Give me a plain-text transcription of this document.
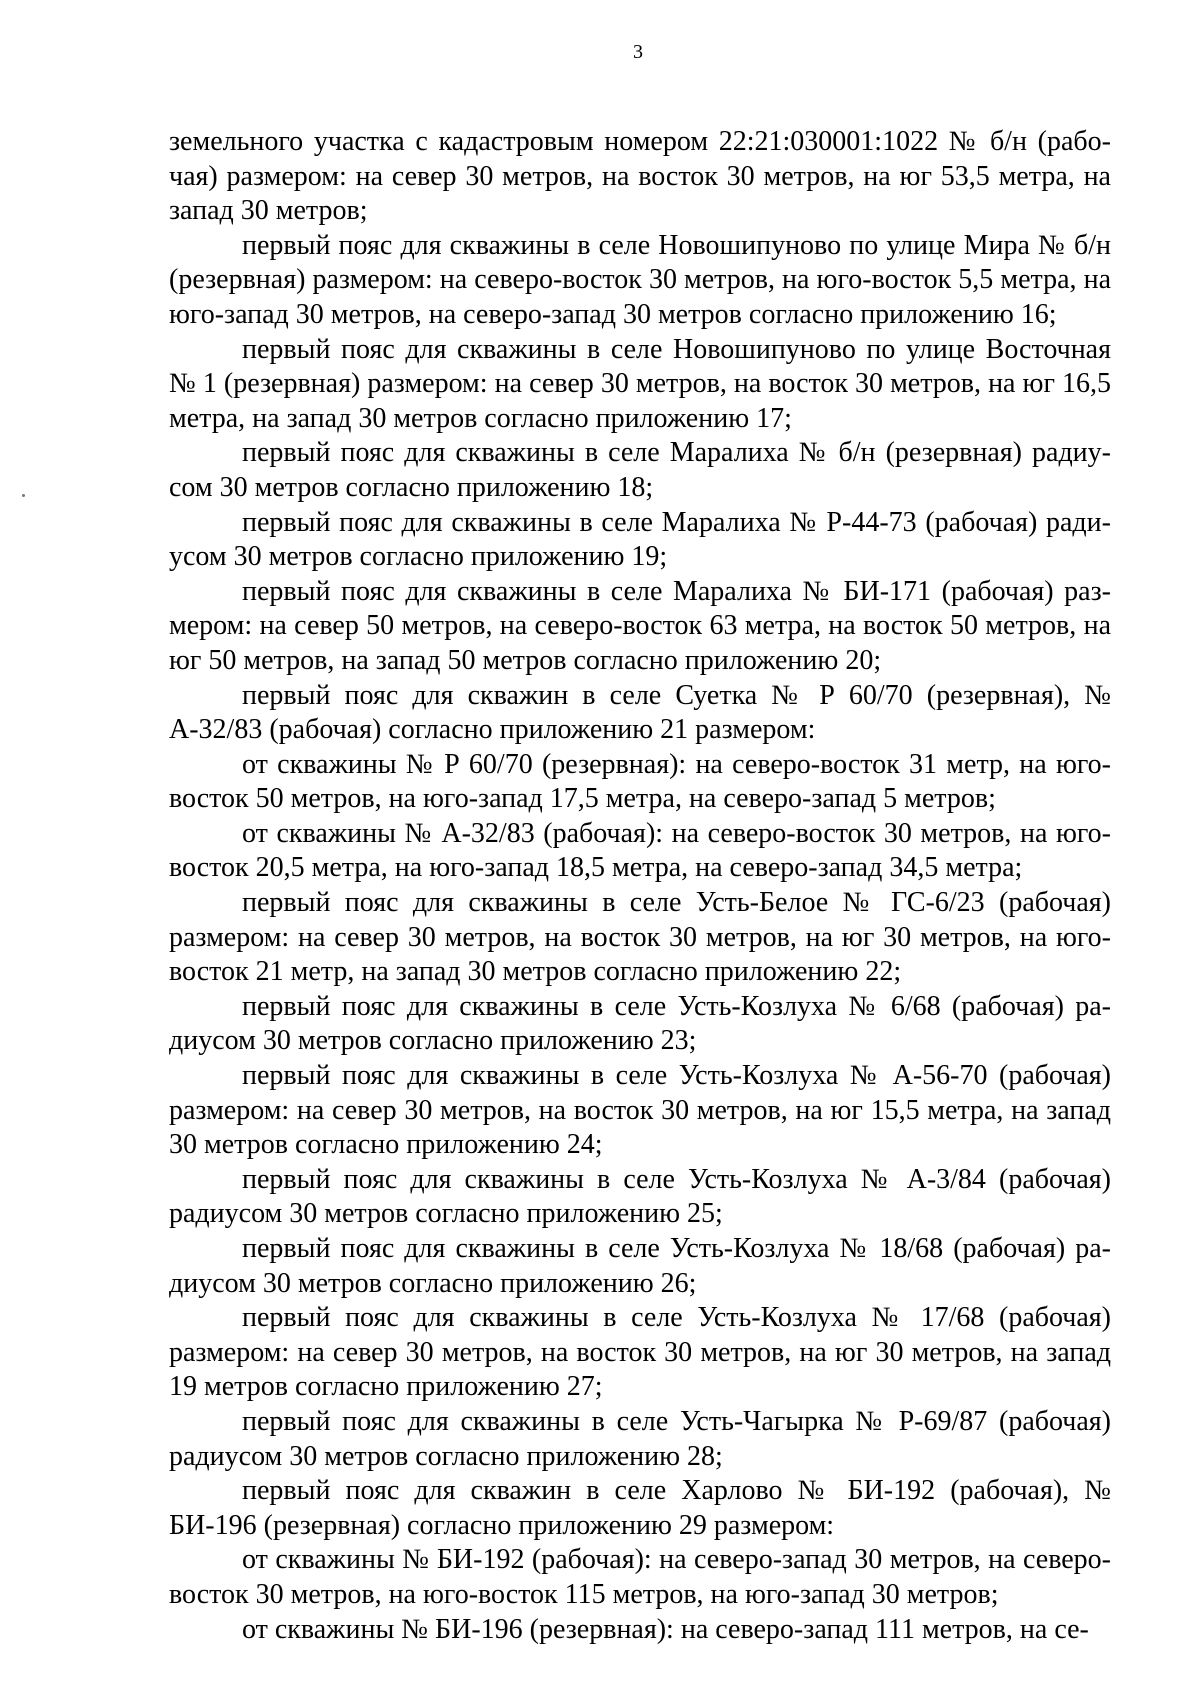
3

земельного участка с кадастровым номером 22:21:030001:1022 № б/н (рабочая) размером: на север 30 метров, на восток 30 метров, на юг 53,5 метра, на запад 30 метров;

первый пояс для скважины в селе Новошипуново по улице Мира № б/н (резервная) размером: на северо-восток 30 метров, на юго-восток 5,5 метра, на юго-запад 30 метров, на северо-запад 30 метров согласно приложению 16;

первый пояс для скважины в селе Новошипуново по улице Восточная № 1 (резервная) размером: на север 30 метров, на восток 30 метров, на юг 16,5 метра, на запад 30 метров согласно приложению 17;

первый пояс для скважины в селе Маралиха № б/н (резервная) радиусом 30 метров согласно приложению 18;

первый пояс для скважины в селе Маралиха № Р-44-73 (рабочая) радиусом 30 метров согласно приложению 19;

первый пояс для скважины в селе Маралиха № БИ-171 (рабочая) размером: на север 50 метров, на северо-восток 63 метра, на восток 50 метров, на юг 50 метров, на запад 50 метров согласно приложению 20;

первый пояс для скважин в селе Суетка № Р 60/70 (резервная), № А-32/83 (рабочая) согласно приложению 21 размером:

от скважины № Р 60/70 (резервная): на северо-восток 31 метр, на юговосток 50 метров, на юго-запад 17,5 метра, на северо-запад 5 метров;

от скважины № А-32/83 (рабочая): на северо-восток 30 метров, на юговосток 20,5 метра, на юго-запад 18,5 метра, на северо-запад 34,5 метра;

первый пояс для скважины в селе Усть-Белое № ГС-6/23 (рабочая) размером: на север 30 метров, на восток 30 метров, на юг 30 метров, на юговосток 21 метр, на запад 30 метров согласно приложению 22;

первый пояс для скважины в селе Усть-Козлуха № 6/68 (рабочая) радиусом 30 метров согласно приложению 23;

первый пояс для скважины в селе Усть-Козлуха № А-56-70 (рабочая) размером: на север 30 метров, на восток 30 метров, на юг 15,5 метра, на запад 30 метров согласно приложению 24;

первый пояс для скважины в селе Усть-Козлуха № А-3/84 (рабочая) радиусом 30 метров согласно приложению 25;

первый пояс для скважины в селе Усть-Козлуха № 18/68 (рабочая) радиусом 30 метров согласно приложению 26;

первый пояс для скважины в селе Усть-Козлуха № 17/68 (рабочая) размером: на север 30 метров, на восток 30 метров, на юг 30 метров, на запад 19 метров согласно приложению 27;

первый пояс для скважины в селе Усть-Чагырка № Р-69/87 (рабочая) радиусом 30 метров согласно приложению 28;

первый пояс для скважин в селе Харлово № БИ-192 (рабочая), № БИ-196 (резервная) согласно приложению 29 размером:

от скважины № БИ-192 (рабочая): на северо-запад 30 метров, на северо-восток 30 метров, на юго-восток 115 метров, на юго-запад 30 метров;

от скважины № БИ-196 (резервная): на северо-запад 111 метров, на се-
